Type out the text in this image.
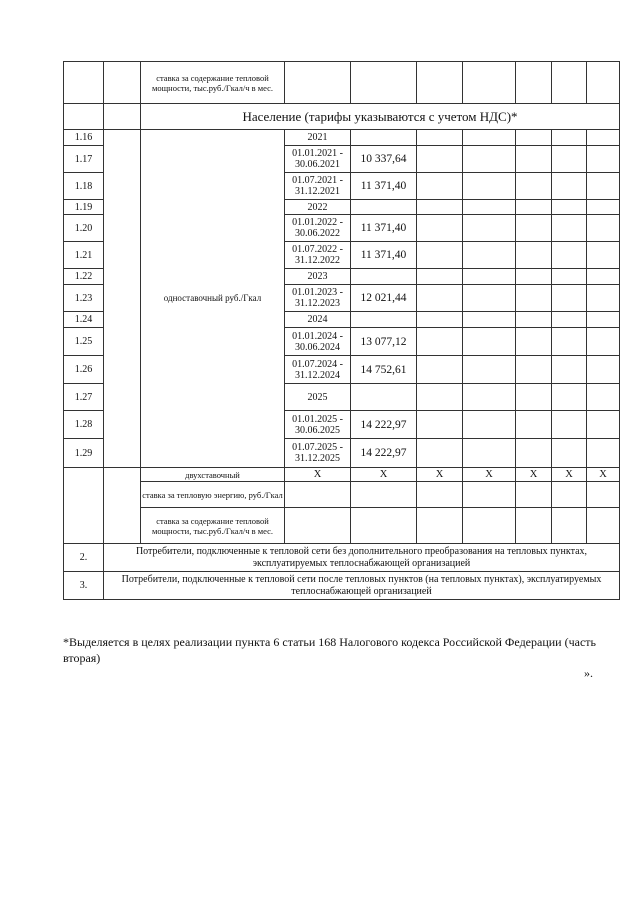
		ставка за содержание тепловой мощности, тыс.руб./Гкал/ч в мес.							
		Население (тарифы указываются с учетом НДС)*							
1.16		одноставочный руб./Гкал	2021						
1.17			01.01.2021 - 30.06.2021	10 337,64					
1.18			01.07.2021 - 31.12.2021	11 371,40					
1.19			2022						
1.20			01.01.2022 - 30.06.2022	11 371,40					
1.21			01.07.2022 - 31.12.2022	11 371,40					
1.22			2023						
1.23			01.01.2023 - 31.12.2023	12 021,44					
1.24			2024						
1.25			01.01.2024 - 30.06.2024	13 077,12					
1.26			01.07.2024 - 31.12.2024	14 752,61					
1.27			2025						
1.28			01.01.2025 - 30.06.2025	14 222,97					
1.29			01.07.2025 - 31.12.2025	14 222,97					
		двухставочный	X	X	X	X	X	X	X
		ставка за тепловую энергию, руб./Гкал							
		ставка за содержание тепловой мощности, тыс.руб./Гкал/ч в мес.							
2.	Потребители, подключенные к тепловой сети без дополнительного преобразования на тепловых пунктах, эксплуатируемых теплоснабжающей организацией								
3.	Потребители, подключенные к тепловой сети после тепловых пунктов (на тепловых пунктах), эксплуатируемых теплоснабжающей организацией								
*Выделяется в целях реализации пункта 6 статьи 168 Налогового кодекса Российской Федерации (часть вторая)
».
